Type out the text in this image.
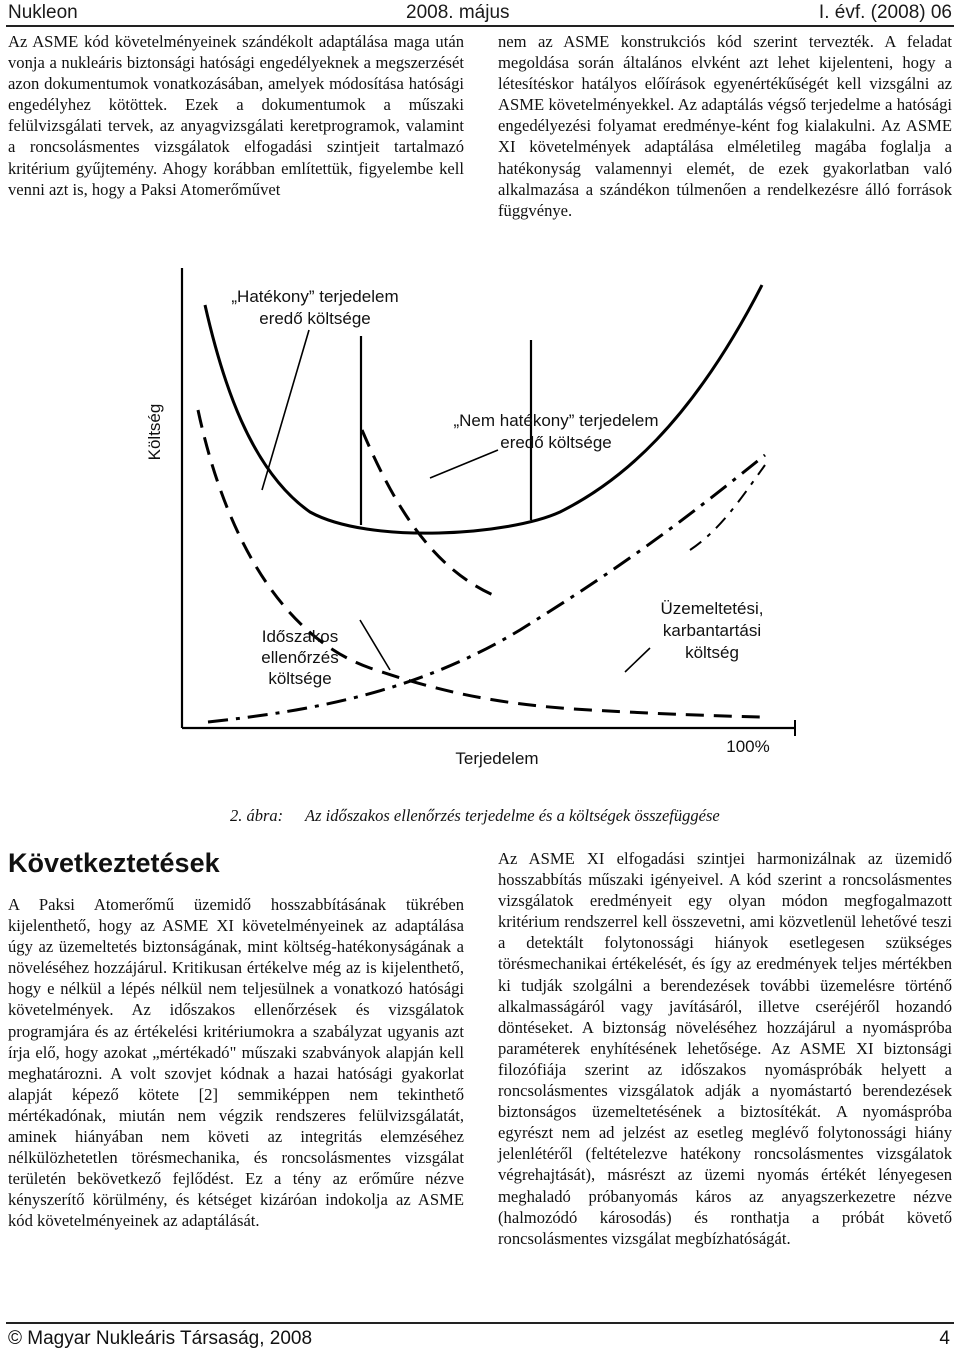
Nukleon	2008. május	I. évf. (2008) 06

Az ASME kód követelményeinek szándékolt adaptálása maga után vonja a nukleáris biztonsági hatósági engedélyeknek a megszerzését azon dokumentumok vonatkozásában, amelyek módosítása hatósági engedélyhez kötöttek. Ezek a dokumentumok a műszaki felülvizsgálati tervek, az anyagvizsgálati keretprogramok, valamint a roncsolásmentes vizsgálatok elfogadási szintjeit tartalmazó kritérium gyűjtemény. Ahogy korábban említettük, figyelembe kell venni azt is, hogy a Paksi Atomerőművet

nem az ASME konstrukciós kód szerint tervezték. A feladat megoldása során általános elvként azt lehet kijelenteni, hogy a létesítéskor hatályos előírások egyenértékűségét kell vizsgálni az ASME követelményekkel. Az adaptálás végső terjedelme a hatósági engedélyezési folyamat eredménye-ként fog kialakulni. Az ASME XI követelmények adaptálása elméletileg magába foglalja a hatékonyság valamennyi elemét, de ezek gyakorlatban való alkalmazása a szándékon túlmenően a rendelkezésre álló források függvénye.

„Hatékony” terjedelem
eredő költsége
„Nem hatékony” terjedelem
eredő költsége
Időszakos
ellenőrzés
költsége
Üzemeltetési,
karbantartási
költség
Költség
Terjedelem
100%
2. ábra: Az időszakos ellenőrzés terjedelme és a költségek összefüggése
Következtetések

A Paksi Atomerőmű üzemidő hosszabbításának tükrében kijelenthető, hogy az ASME XI követelményeinek az adaptálása úgy az üzemeltetés biztonságának, mint költség-hatékonyságának a növeléséhez hozzájárul. Kritikusan értékelve még az is kijelenthető, hogy e nélkül a lépés nélkül nem teljesülnek a vonatkozó hatósági követelmények. Az időszakos ellenőrzések és vizsgálatok programjára és az értékelési kritériumokra a szabályzat ugyanis azt írja elő, hogy azokat „mértékadó" műszaki szabványok alapján kell meghatározni. A volt szovjet kódnak a hazai hatósági gyakorlat alapját képező kötete [2] semmiképpen nem tekinthető mértékadónak, miután nem végzik rendszeres felülvizsgálatát, aminek hiányában nem követi az integritás elemzéséhez nélkülözhetetlen törésmechanika, és roncsolásmentes vizsgálat területén bekövetkező fejlődést. Ez a tény az erőműre nézve kényszerítő körülmény, és kétséget kizáróan indokolja az ASME kód követelményeinek az adaptálását.

Az ASME XI elfogadási szintjei harmonizálnak az üzemidő hosszabbítás műszaki igényeivel. A kód szerint a roncsolásmentes vizsgálatok eredményeit egy olyan módon megfogalmazott kritérium rendszerrel kell összevetni, ami közvetlenül lehetővé teszi a detektált folytonossági hiányok esetlegesen szükséges törésmechanikai értékelését, és így az eredmények teljes mértékben ki tudják szolgálni a berendezések további üzemelésre történő alkalmasságáról vagy javításáról, illetve cseréjéről hozandó döntéseket. A biztonság növeléséhez hozzájárul a nyomáspróba paraméterek enyhítésének lehetősége. Az ASME XI biztonsági filozófiája szerint az időszakos nyomáspróbák helyett a roncsolásmentes vizsgálatok adják a nyomástartó berendezések biztonságos üzemeltetésének a biztosítékát. A nyomáspróba egyrészt nem ad jelzést az esetleg meglévő folytonossági hiány jelenlétéről (feltételezve hatékony roncsolásmentes vizsgálatok végrehajtását), másrészt az üzemi nyomás értékét lényegesen meghaladó próbanyomás káros az anyagszerkezetre nézve (halmozódó károsodás) és ronthatja a próbát követő roncsolásmentes vizsgálat megbízhatóságát.

© Magyar Nukleáris Társaság, 2008	4
